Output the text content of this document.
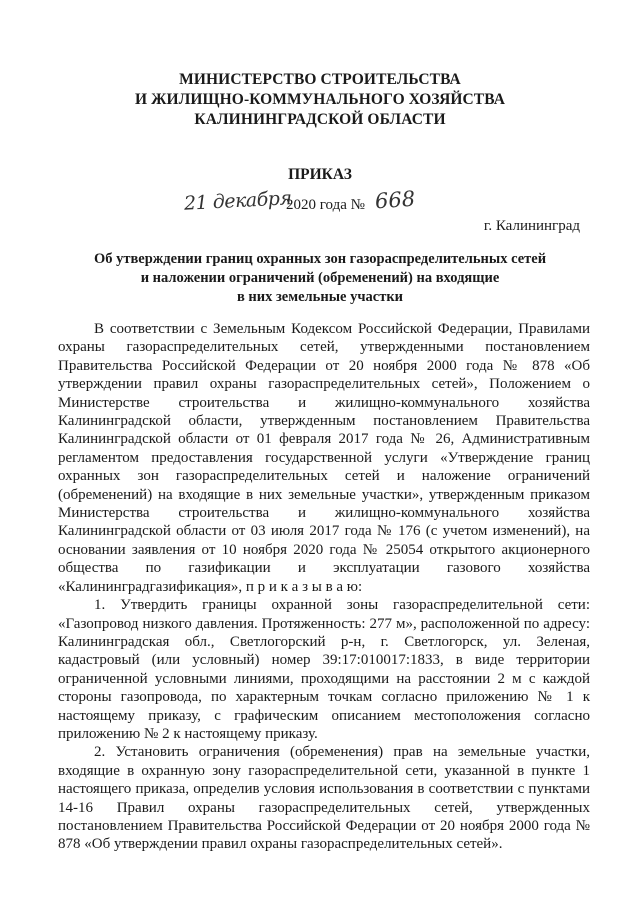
МИНИСТЕРСТВО СТРОИТЕЛЬСТВА
И ЖИЛИЩНО-КОММУНАЛЬНОГО ХОЗЯЙСТВА
КАЛИНИНГРАДСКОЙ ОБЛАСТИ
ПРИКАЗ
21 декабря
2020 года № 668
г. Калининград
Об утверждении границ охранных зон газораспределительных сетей
и наложении ограничений (обременений) на входящие
в них земельные участки

В соответствии с Земельным Кодексом Российской Федерации, Правилами охраны газораспределительных сетей, утвержденными постановлением Правительства Российской Федерации от 20 ноября 2000 года № 878 «Об утверждении правил охраны газораспределительных сетей», Положением о Министерстве строительства и жилищно-коммунального хозяйства Калининградской области, утвержденным постановлением Правительства Калининградской области от 01 февраля 2017 года № 26, Административным регламентом предоставления государственной услуги «Утверждение границ охранных зон газораспределительных сетей и наложение ограничений (обременений) на входящие в них земельные участки», утвержденным приказом Министерства строительства и жилищно-коммунального хозяйства Калининградской области от 03 июля 2017 года № 176 (с учетом изменений), на основании заявления от 10 ноября 2020 года № 25054 открытого акционерного общества по газификации и эксплуатации газового хозяйства «Калининградгазификация», п р и к а з ы в а ю:

1. Утвердить границы охранной зоны газораспределительной сети: «Газопровод низкого давления. Протяженность: 277 м», расположенной по адресу: Калининградская обл., Светлогорский р-н, г. Светлогорск, ул. Зеленая, кадастровый (или условный) номер 39:17:010017:1833, в виде территории ограниченной условными линиями, проходящими на расстоянии 2 м с каждой стороны газопровода, по характерным точкам согласно приложению № 1 к настоящему приказу, с графическим описанием местоположения согласно приложению № 2 к настоящему приказу.

2. Установить ограничения (обременения) прав на земельные участки, входящие в охранную зону газораспределительной сети, указанной в пункте 1 настоящего приказа, определив условия использования в соответствии с пунктами 14-16 Правил охраны газораспределительных сетей, утвержденных постановлением Правительства Российской Федерации от 20 ноября 2000 года № 878 «Об утверждении правил охраны газораспределительных сетей».
